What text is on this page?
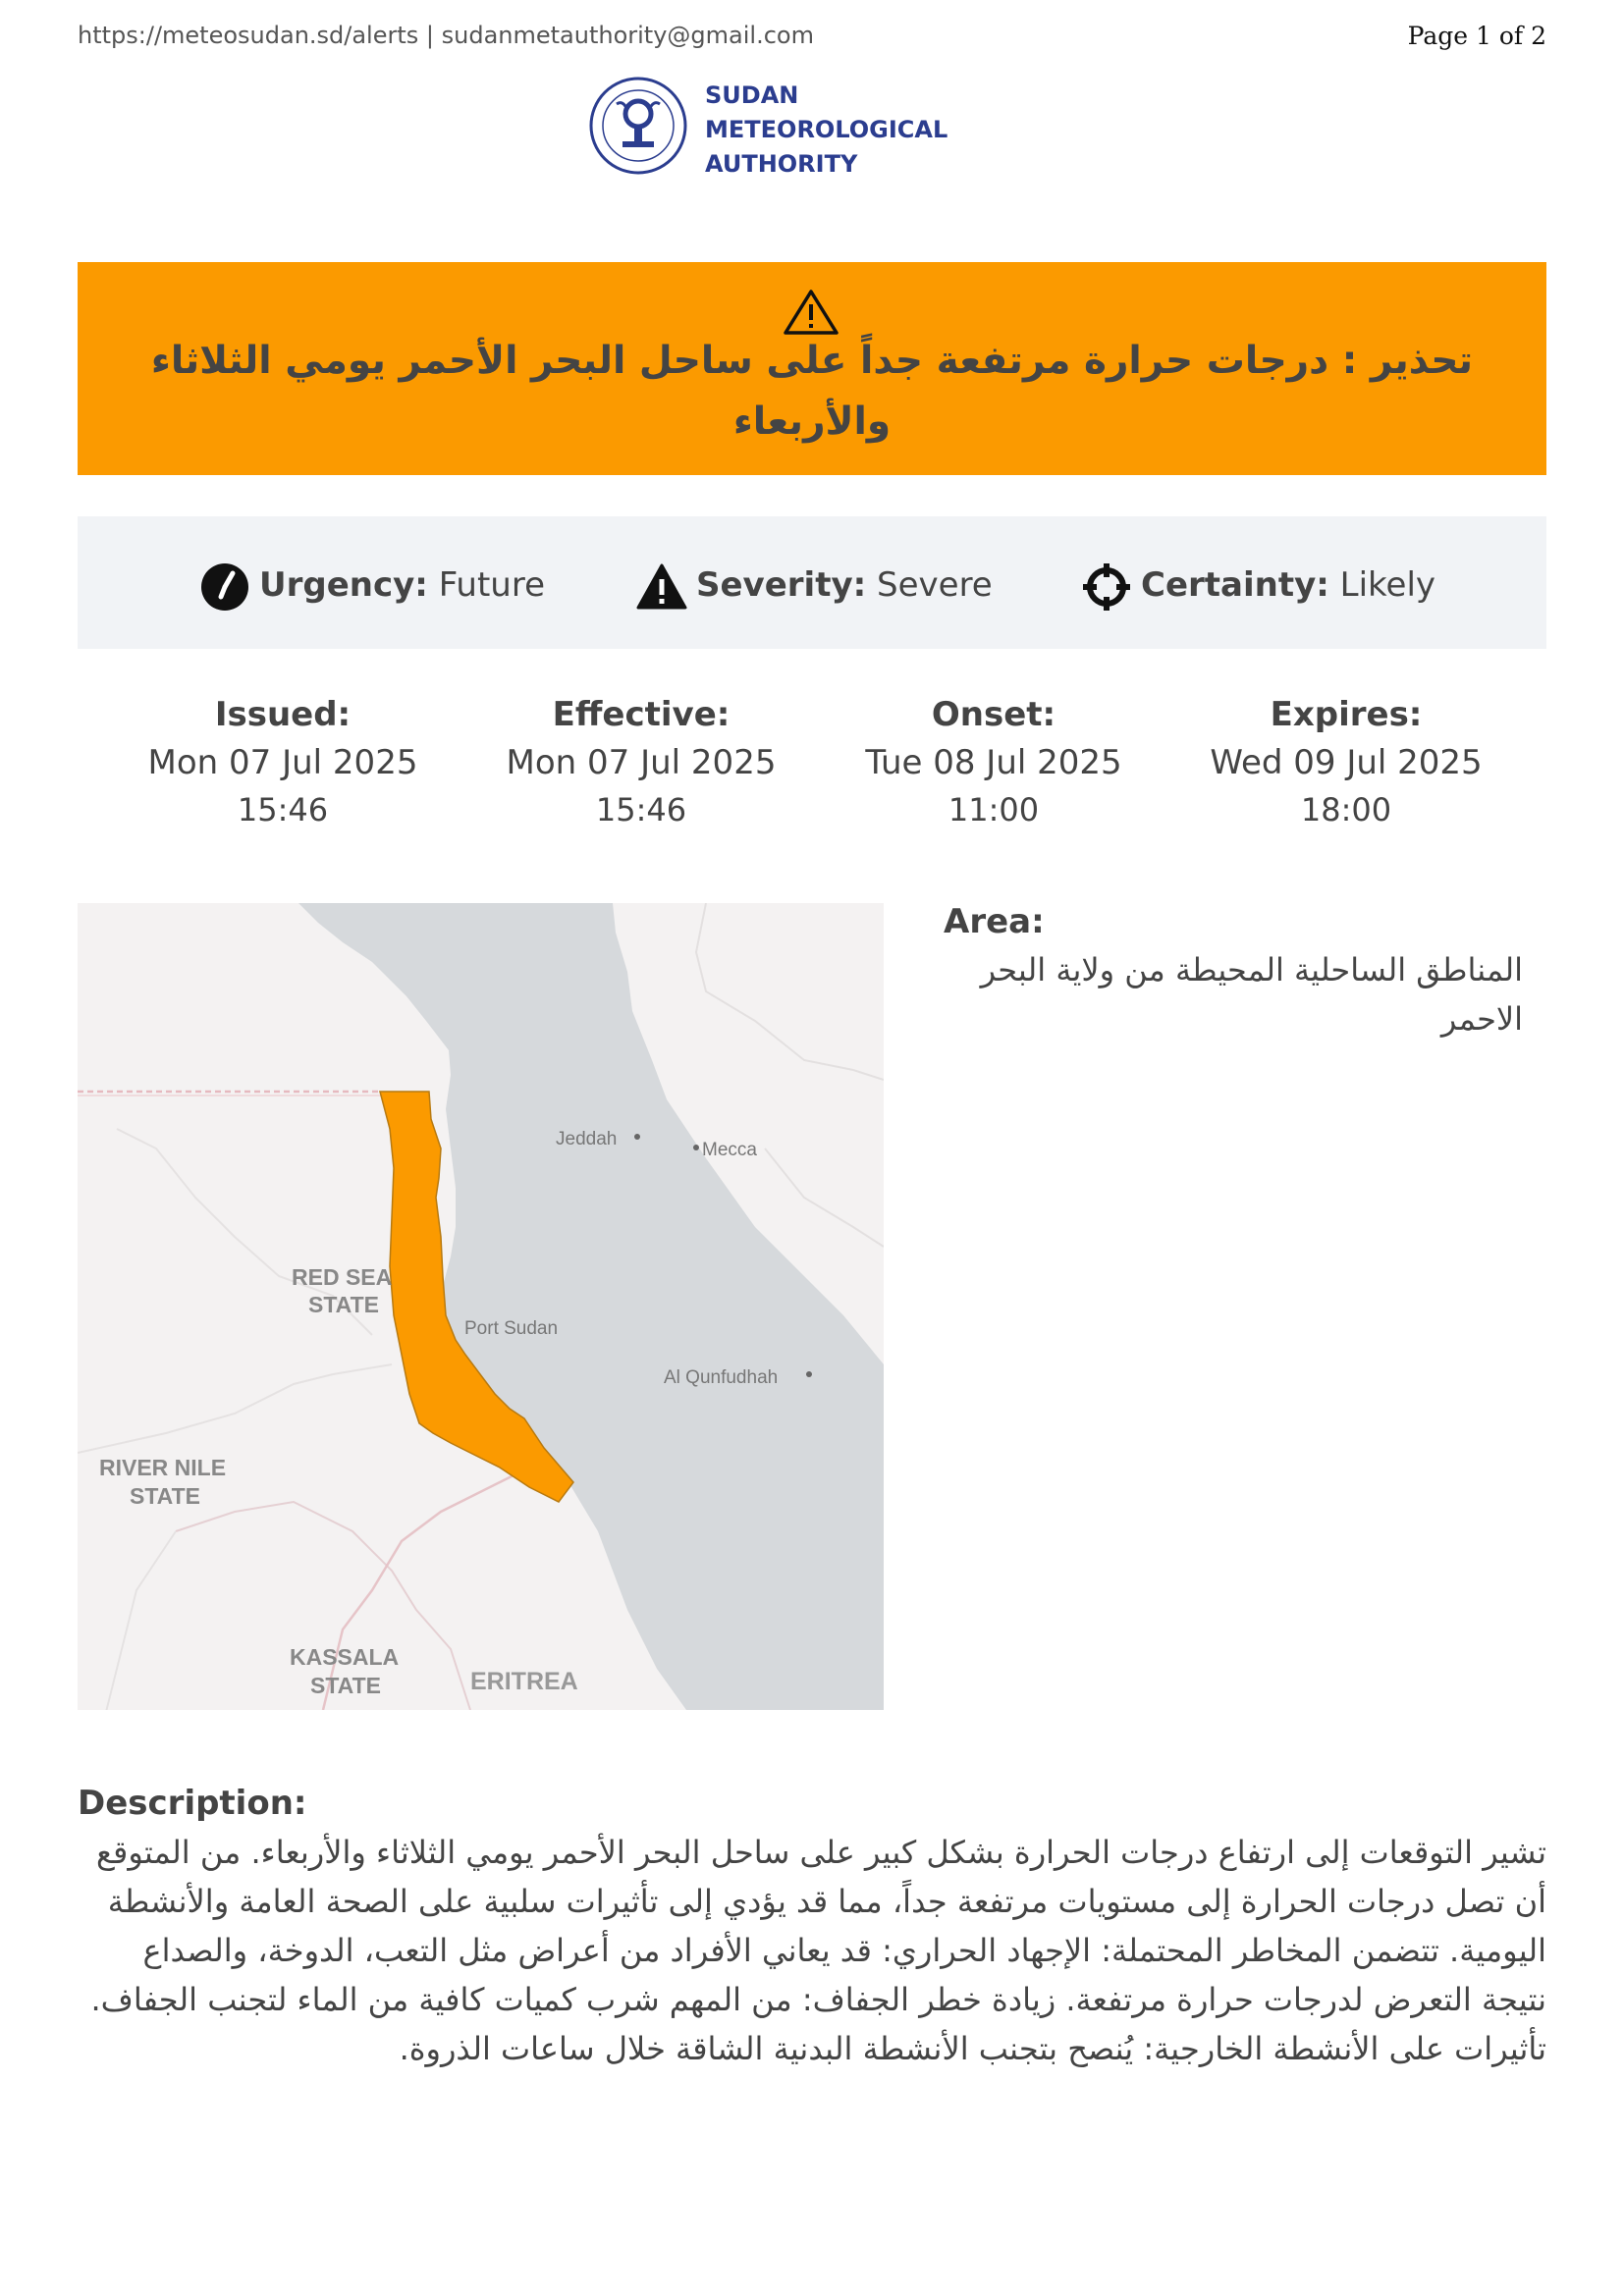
https://meteosudan.sd/alerts | sudanmetauthority@gmail.com	Page 1 of 2
SUDAN
METEOROLOGICAL
AUTHORITY
تحذير : درجات حرارة مرتفعة جداً على ساحل البحر الأحمر يومي الثلاثاء والأربعاء
Urgency: Future	Severity: Severe	Certainty: Likely
Issued:
Mon 07 Jul 2025
15:46
Effective:
Mon 07 Jul 2025
15:46
Onset:
Tue 08 Jul 2025
11:00
Expires:
Wed 09 Jul 2025
18:00
Jeddah
Mecca
RED SEA
STATE
Port Sudan
Al Qunfudhah
RIVER NILE
STATE
KASSALA
STATE	ERITREA
Area:
المناطق الساحلية المحيطة من ولاية البحر الاحمر
Description:
تشير التوقعات إلى ارتفاع درجات الحرارة بشكل كبير على ساحل البحر الأحمر يومي الثلاثاء والأربعاء. من المتوقع أن تصل درجات الحرارة إلى مستويات مرتفعة جداً، مما قد يؤدي إلى تأثيرات سلبية على الصحة العامة والأنشطة اليومية. تتضمن المخاطر المحتملة: الإجهاد الحراري: قد يعاني الأفراد من أعراض مثل التعب، الدوخة، والصداع نتيجة التعرض لدرجات حرارة مرتفعة. زيادة خطر الجفاف: من المهم شرب كميات كافية من الماء لتجنب الجفاف. تأثيرات على الأنشطة الخارجية: يُنصح بتجنب الأنشطة البدنية الشاقة خلال ساعات الذروة.
